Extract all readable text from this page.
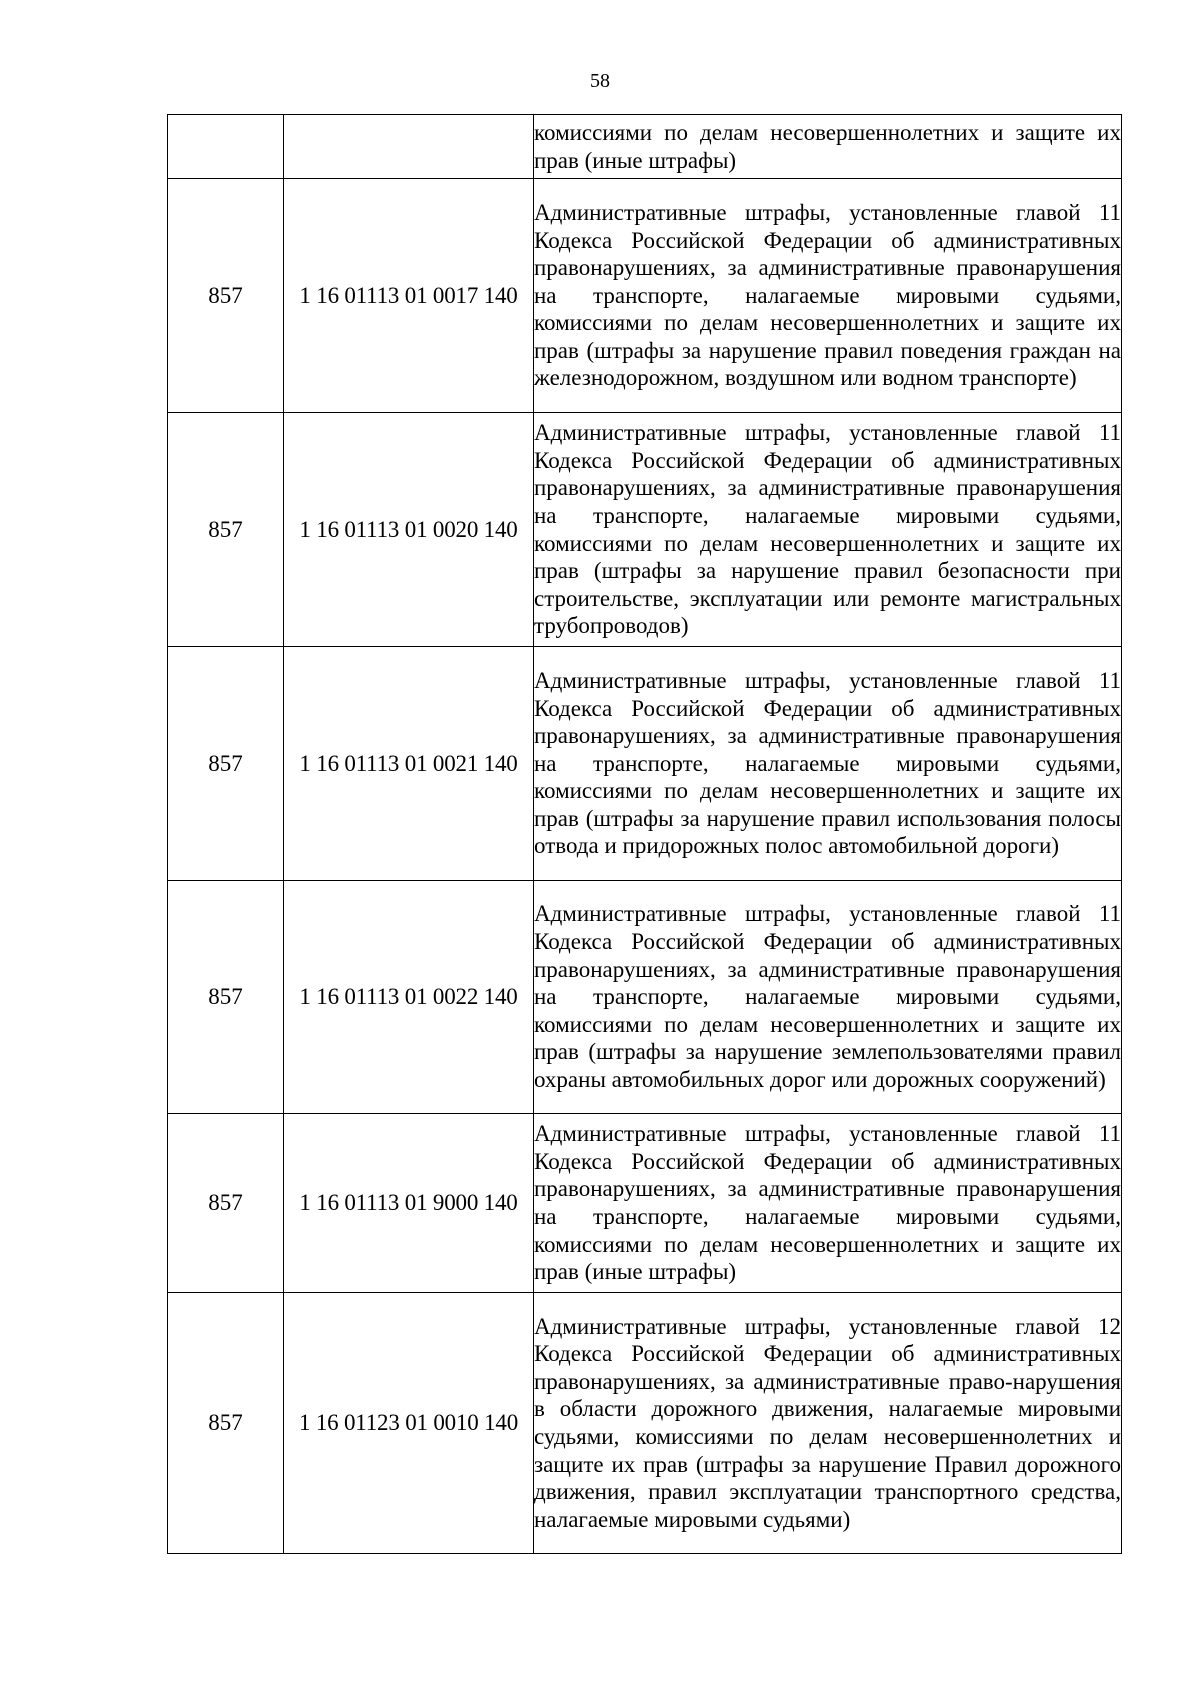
58
		комиссиями по делам несовершеннолетних и защите их прав (иные штрафы)
857	1 16 01113 01 0017 140	Административные штрафы, установленные главой 11 Кодекса Российской Федерации об административных правонарушениях, за административные правонарушения на транспорте, налагаемые мировыми судьями, комиссиями по делам несовершеннолетних и защите их прав (штрафы за нарушение правил поведения граждан на железнодорожном, воздушном или водном транспорте)
857	1 16 01113 01 0020 140	Административные штрафы, установленные главой 11 Кодекса Российской Федерации об административных правонарушениях, за административные правонарушения на транспорте, налагаемые мировыми судьями, комиссиями по делам несовершеннолетних и защите их прав (штрафы за нарушение правил безопасности при строительстве, эксплуатации или ремонте магистральных трубопроводов)
857	1 16 01113 01 0021 140	Административные штрафы, установленные главой 11 Кодекса Российской Федерации об административных правонарушениях, за административные правонарушения на транспорте, налагаемые мировыми судьями, комиссиями по делам несовершеннолетних и защите их прав (штрафы за нарушение правил использования полосы отвода и придорожных полос автомобильной дороги)
857	1 16 01113 01 0022 140	Административные штрафы, установленные главой 11 Кодекса Российской Федерации об административных правонарушениях, за административные правонарушения на транспорте, налагаемые мировыми судьями, комиссиями по делам несовершеннолетних и защите их прав (штрафы за нарушение землепользователями правил охраны автомобильных дорог или дорожных сооружений)
857	1 16 01113 01 9000 140	Административные штрафы, установленные главой 11 Кодекса Российской Федерации об административных правонарушениях, за административные правонарушения на транспорте, налагаемые мировыми судьями, комиссиями по делам несовершеннолетних и защите их прав (иные штрафы)
857	1 16 01123 01 0010 140	Административные штрафы, установленные главой 12 Кодекса Российской Федерации об административных правонарушениях, за административные право-нарушения в области дорожного движения, налагаемые мировыми судьями, комиссиями по делам несовершеннолетних и защите их прав (штрафы за нарушение Правил дорожного движения, правил эксплуатации транспортного средства, налагаемые мировыми судьями)
